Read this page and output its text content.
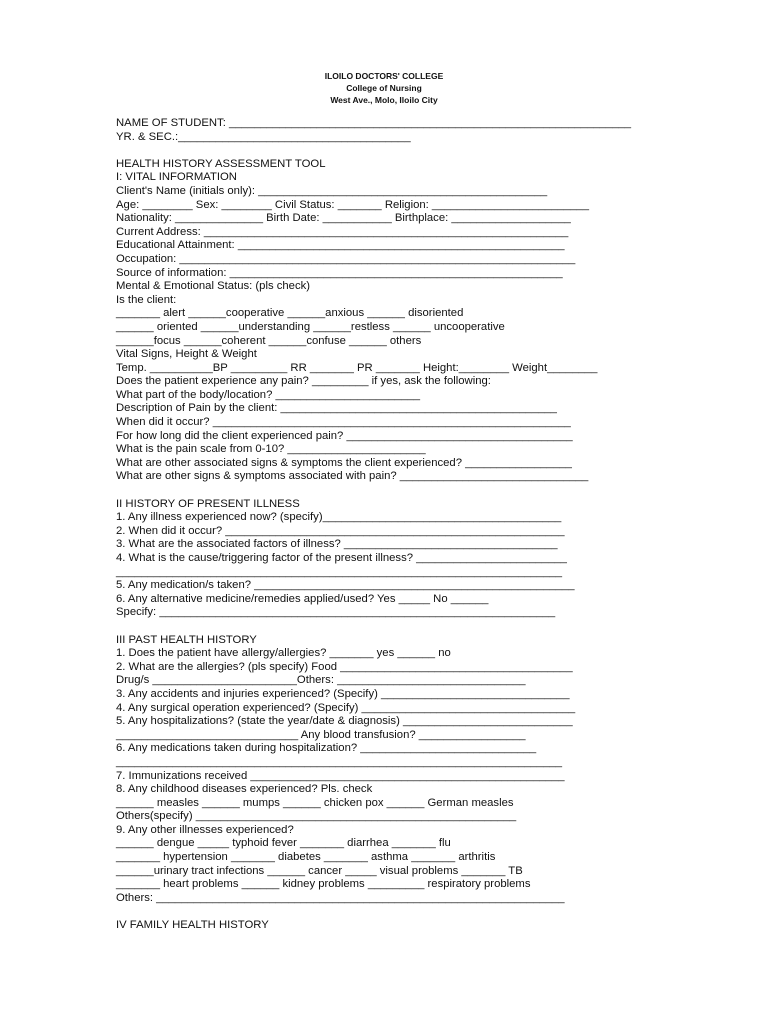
ILOILO DOCTORS' COLLEGE
College of Nursing
West Ave., Molo, Iloilo City
NAME OF STUDENT: ________________________________________________________________
YR. & SEC.:_____________________________________
HEALTH HISTORY ASSESSMENT TOOL
I: VITAL INFORMATION
Client's Name (initials only): ______________________________________________
Age: ________ Sex: ________ Civil Status: _______ Religion: _________________________
Nationality: ______________ Birth Date: ___________ Birthplace: ___________________
Current Address: __________________________________________________________
Educational Attainment: ____________________________________________________
Occupation: _______________________________________________________________
Source of information: _____________________________________________________
Mental & Emotional Status: (pls check)
Is the client:
_______ alert ______cooperative ______anxious ______ disoriented
______ oriented ______understanding ______restless ______ uncooperative
______focus ______coherent ______confuse ______ others
Vital Signs, Height & Weight
Temp. __________BP _________ RR _______ PR _______ Height:________ Weight________
Does the patient experience any pain? _________ if yes, ask the following:
What part of the body/location? _______________________
Description of Pain by the client: ____________________________________________
When did it occur? _________________________________________________________
For how long did the client experienced pain? ____________________________________
What is the pain scale from 0-10? ______________________
What are other associated signs & symptoms the client experienced? _________________
What are other signs & symptoms associated with pain? ______________________________
II HISTORY OF PRESENT ILLNESS
1. Any illness experienced now? (specify)______________________________________
2. When did it occur? ______________________________________________________
3. What are the associated factors of illness? __________________________________
4. What is the cause/triggering factor of the present illness? ________________________
_______________________________________________________________________
5. Any medication/s taken? ___________________________________________________
6. Any alternative medicine/remedies applied/used? Yes _____ No ______
Specify: _______________________________________________________________
III PAST HEALTH HISTORY
1. Does the patient have allergy/allergies? _______ yes ______ no
2. What are the allergies? (pls specify) Food _____________________________________
Drug/s _______________________Others: ______________________________
3. Any accidents and injuries experienced? (Specify) ______________________________
4. Any surgical operation experienced? (Specify) __________________________________
5. Any hospitalizations? (state the year/date & diagnosis) ___________________________
_____________________________ Any blood transfusion? _________________
6. Any medications taken during hospitalization? ____________________________
_______________________________________________________________________
7. Immunizations received __________________________________________________
8. Any childhood diseases experienced? Pls. check
______ measles ______ mumps ______ chicken pox ______ German measles
Others(specify) ___________________________________________________
9. Any other illnesses experienced?
______ dengue _____ typhoid fever _______ diarrhea _______ flu
_______ hypertension _______ diabetes _______ asthma _______ arthritis
______urinary tract infections ______ cancer _____ visual problems _______ TB
_______ heart problems ______ kidney problems _________ respiratory problems
Others: _________________________________________________________________
IV FAMILY HEALTH HISTORY
